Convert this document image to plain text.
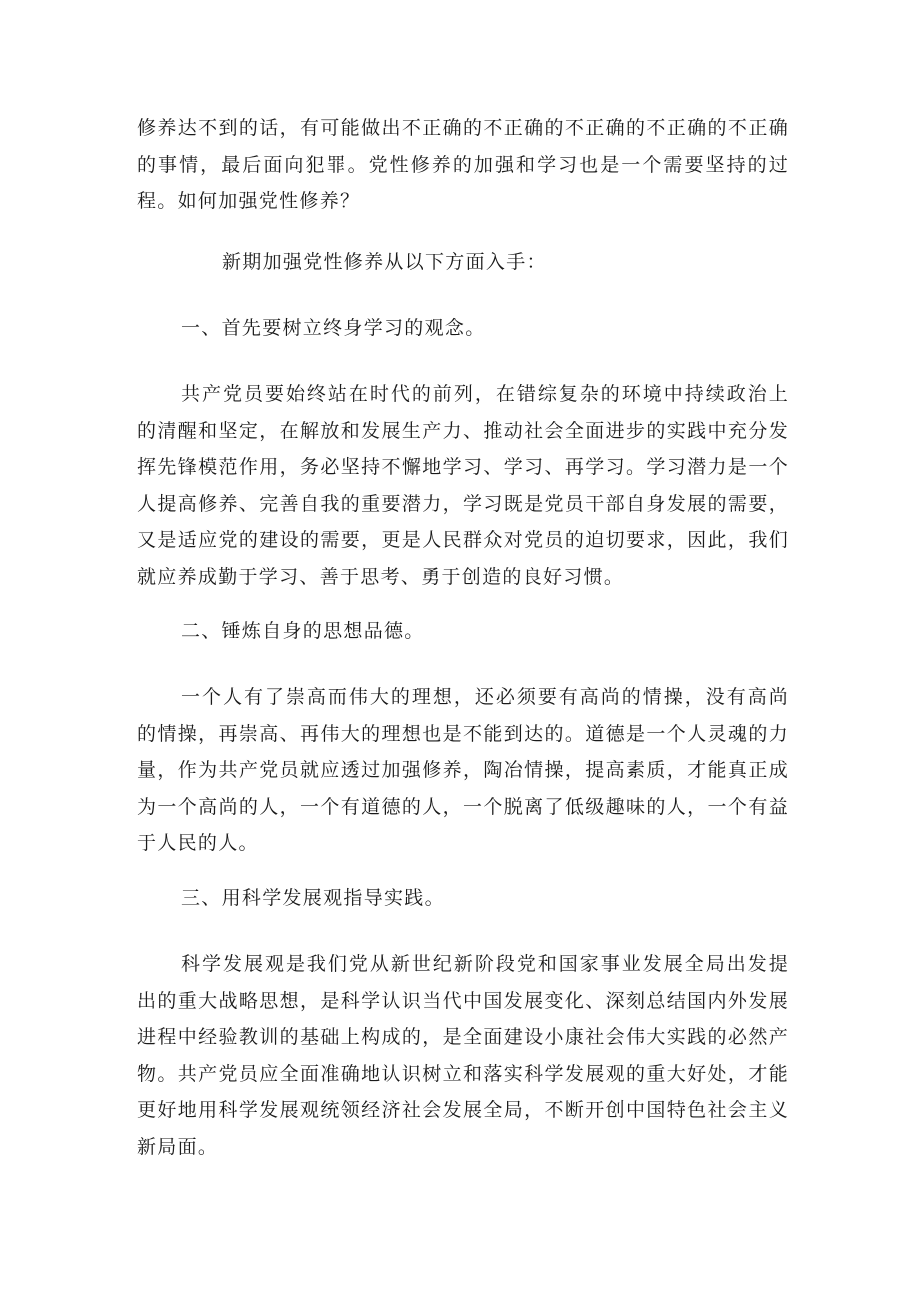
修养达不到的话，有可能做出不正确的不正确的不正确的不正确的不正确的事情，最后面向犯罪。党性修养的加强和学习也是一个需要坚持的过程。如何加强党性修养？

新期加强党性修养从以下方面入手：

一、首先要树立终身学习的观念。

共产党员要始终站在时代的前列，在错综复杂的环境中持续政治上的清醒和坚定，在解放和发展生产力、推动社会全面进步的实践中充分发挥先锋模范作用，务必坚持不懈地学习、学习、再学习。学习潜力是一个人提高修养、完善自我的重要潜力，学习既是党员干部自身发展的需要，又是适应党的建设的需要，更是人民群众对党员的迫切要求，因此，我们就应养成勤于学习、善于思考、勇于创造的良好习惯。

二、锤炼自身的思想品德。

一个人有了崇高而伟大的理想，还必须要有高尚的情操，没有高尚的情操，再崇高、再伟大的理想也是不能到达的。道德是一个人灵魂的力量，作为共产党员就应透过加强修养，陶冶情操，提高素质，才能真正成为一个高尚的人，一个有道德的人，一个脱离了低级趣味的人，一个有益于人民的人。

三、用科学发展观指导实践。

科学发展观是我们党从新世纪新阶段党和国家事业发展全局出发提出的重大战略思想，是科学认识当代中国发展变化、深刻总结国内外发展进程中经验教训的基础上构成的，是全面建设小康社会伟大实践的必然产物。共产党员应全面准确地认识树立和落实科学发展观的重大好处，才能更好地用科学发展观统领经济社会发展全局，不断开创中国特色社会主义新局面。
